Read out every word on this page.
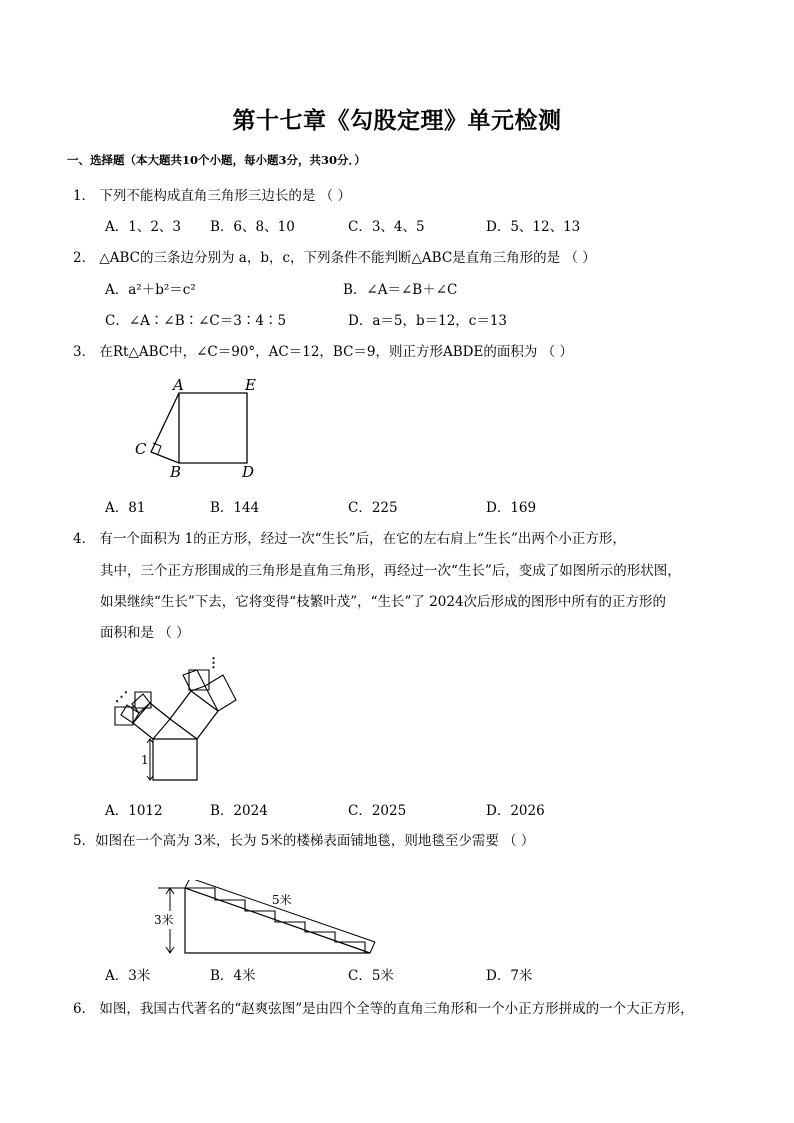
第十七章《勾股定理》单元检测
一、选择题（本大题共10个小题，每小题3分，共30分．）
1． 下列不能构成直角三角形三边长的是 （ ）
A．1、2、3 B．6、8、10	C．3、4、5	D．5、12、13
2． △ABC的三条边分别为 a，b，c，下列条件不能判断△ABC是直角三角形的是 （ ）
A．a²＋b²＝c²	B．∠A＝∠B＋∠C
C．∠A∶∠B∶∠C＝3∶4∶5	D．a＝5，b＝12，c＝13
3． 在Rt△ABC中，∠C＝90°，AC＝12，BC＝9，则正方形ABDE的面积为 （ ）
A	E
C
B	D
A．81	B．144	C．225	D．169
4． 有一个面积为 1的正方形，经过一次“生长”后，在它的左右肩上“生长”出两个小正方形，
其中，三个正方形围成的三角形是直角三角形，再经过一次“生长”后，变成了如图所示的形状图，
如果继续“生长”下去，它将变得“枝繁叶茂”，“生长”了 2024次后形成的图形中所有的正方形的
面积和是 （ ）
1
⋮
⋰
A．1012	B．2024	C．2025	D．2026
5．如图在一个高为 3米，长为 5米的楼梯表面铺地毯，则地毯至少需要 （ ）
5米
3米
A．3米	B．4米	C．5米	D．7米
6． 如图，我国古代著名的“赵爽弦图”是由四个全等的直角三角形和一个小正方形拼成的一个大正方形，
